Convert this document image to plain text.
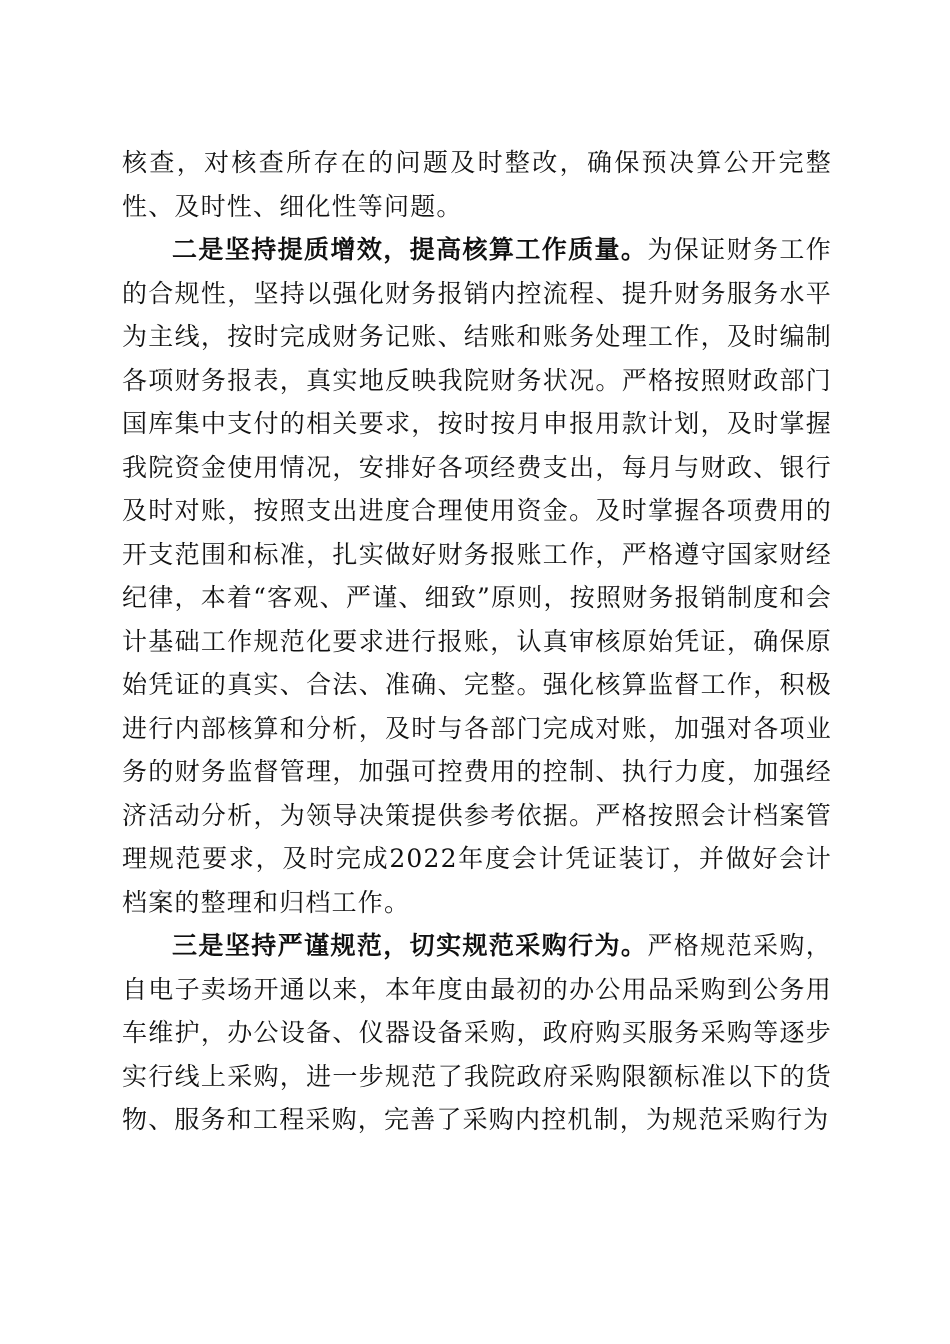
核查，对核查所存在的问题及时整改，确保预决算公开完整性、及时性、细化性等问题。

二是坚持提质增效，提高核算工作质量。为保证财务工作的合规性，坚持以强化财务报销内控流程、提升财务服务水平为主线，按时完成财务记账、结账和账务处理工作，及时编制各项财务报表，真实地反映我院财务状况。严格按照财政部门国库集中支付的相关要求，按时按月申报用款计划，及时掌握我院资金使用情况，安排好各项经费支出，每月与财政、银行及时对账，按照支出进度合理使用资金。及时掌握各项费用的开支范围和标准，扎实做好财务报账工作，严格遵守国家财经纪律，本着“客观、严谨、细致”原则，按照财务报销制度和会计基础工作规范化要求进行报账，认真审核原始凭证，确保原始凭证的真实、合法、准确、完整。强化核算监督工作，积极进行内部核算和分析，及时与各部门完成对账，加强对各项业务的财务监督管理，加强可控费用的控制、执行力度，加强经济活动分析，为领导决策提供参考依据。严格按照会计档案管理规范要求，及时完成2022年度会计凭证装订，并做好会计档案的整理和归档工作。

三是坚持严谨规范，切实规范采购行为。严格规范采购，自电子卖场开通以来，本年度由最初的办公用品采购到公务用车维护，办公设备、仪器设备采购，政府购买服务采购等逐步实行线上采购，进一步规范了我院政府采购限额标准以下的货物、服务和工程采购，完善了采购内控机制，为规范采购行为
